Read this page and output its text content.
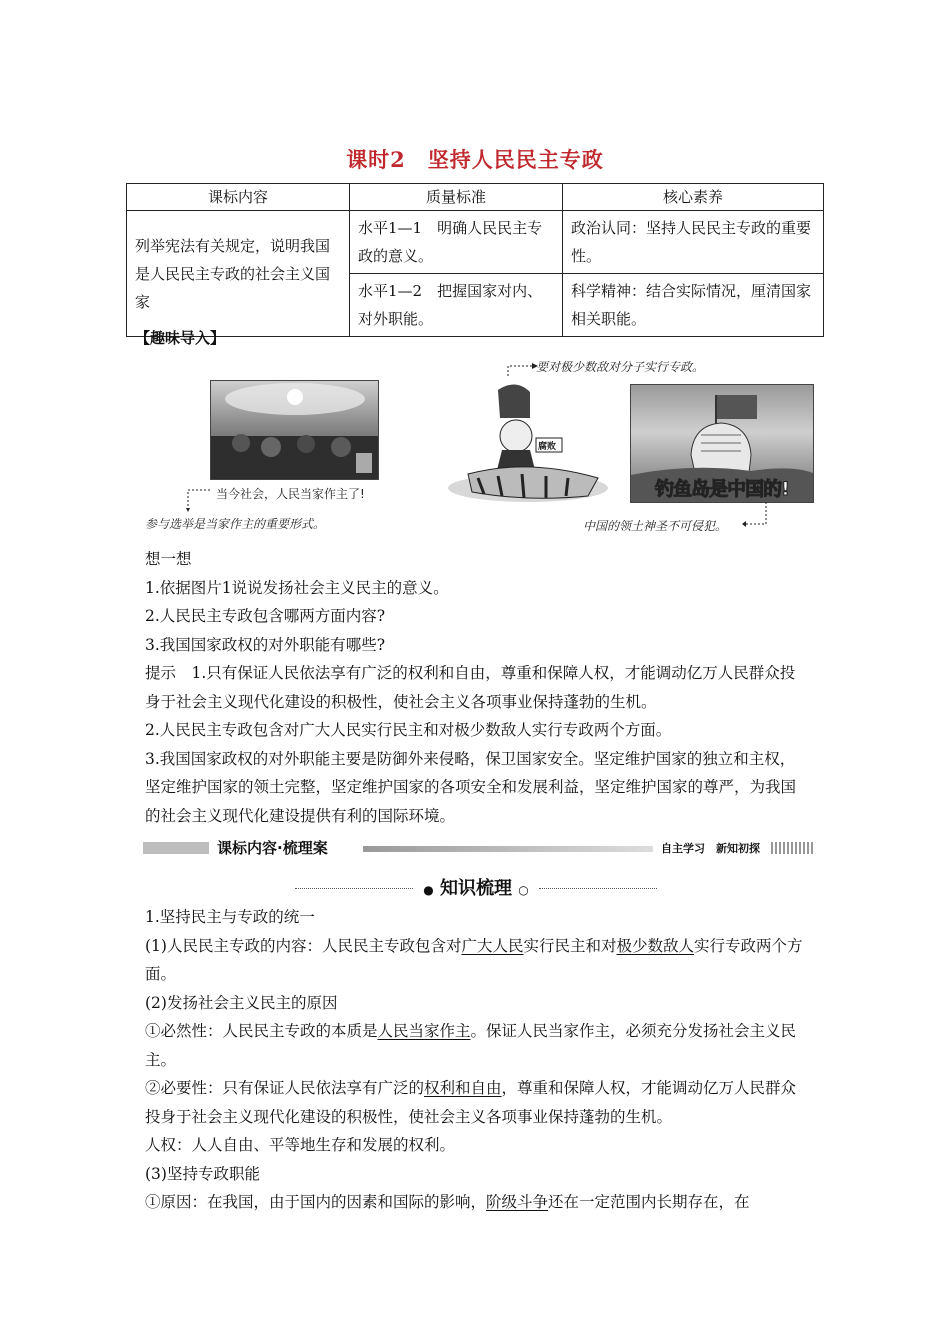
课时2　坚持人民民主专政
课标内容	质量标准	核心素养
列举宪法有关规定，说明我国是人民民主专政的社会主义国家	水平1—1　明确人民民主专政的意义。	政治认同：坚持人民民主专政的重要性。
	水平1—2　把握国家对内、对外职能。	科学精神：结合实际情况，厘清国家相关职能。
【趣味导入】
当今社会，人民当家作主了!
参与选举是当家作主的重要形式。
要对极少数敌对分子实行专政。
腐败
钓鱼岛是中国的!
中国的领土神圣不可侵犯。
想一想
1.依据图片1说说发扬社会主义民主的意义。
2.人民民主专政包含哪两方面内容?
3.我国国家政权的对外职能有哪些?
提示　1.只有保证人民依法享有广泛的权利和自由，尊重和保障人权，才能调动亿万人民群众投身于社会主义现代化建设的积极性，使社会主义各项事业保持蓬勃的生机。
2.人民民主专政包含对广大人民实行民主和对极少数敌人实行专政两个方面。
3.我国国家政权的对外职能主要是防御外来侵略，保卫国家安全。坚定维护国家的独立和主权，坚定维护国家的领土完整，坚定维护国家的各项安全和发展利益，坚定维护国家的尊严，为我国的社会主义现代化建设提供有利的国际环境。
课标内容·梳理案	自主学习　新知初探
● 知识梳理 ○
1.坚持民主与专政的统一
(1)人民民主专政的内容：人民民主专政包含对广大人民实行民主和对极少数敌人实行专政两个方面。
(2)发扬社会主义民主的原因
①必然性：人民民主专政的本质是人民当家作主。保证人民当家作主，必须充分发扬社会主义民主。
②必要性：只有保证人民依法享有广泛的权利和自由，尊重和保障人权，才能调动亿万人民群众投身于社会主义现代化建设的积极性，使社会主义各项事业保持蓬勃的生机。
人权：人人自由、平等地生存和发展的权利。
(3)坚持专政职能
①原因：在我国，由于国内的因素和国际的影响，阶级斗争还在一定范围内长期存在，在
